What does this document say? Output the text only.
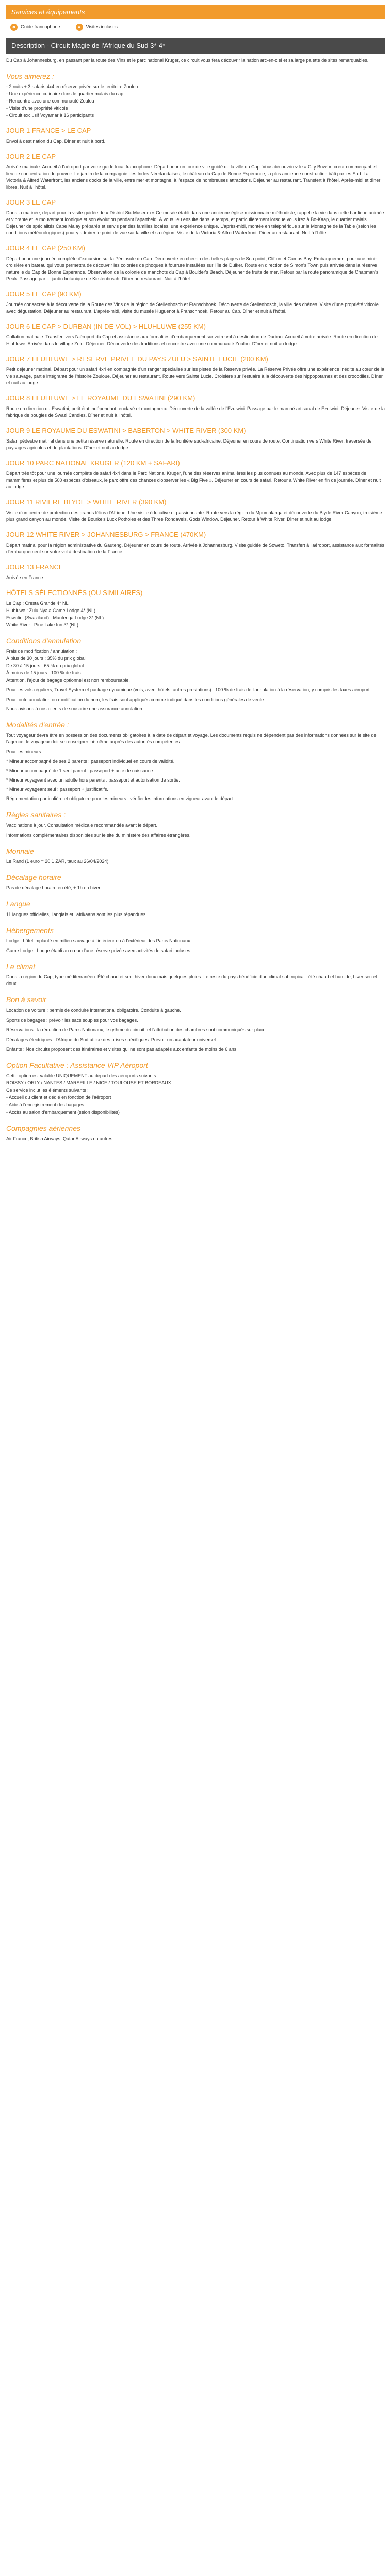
Services et équipements
☻ Guide francophone	●	Visites incluses
Description - Circuit Magie de l'Afrique du Sud 3*-4*

Du Cap à Johannesburg, en passant par la route des Vins et le parc national Kruger, ce circuit vous fera découvrir la nation arc-en-ciel et sa large palette de sites remarquables.

Vous aimerez :
- 2 nuits + 3 safaris 4x4 en réserve privée sur le territoire Zoulou
- Une expérience culinaire dans le quartier malais du cap
- Rencontre avec une communauté Zoulou
- Visite d'une propriété viticole
- Circuit exclusif Voyamar à 16 participants
JOUR 1 FRANCE > LE CAP

Envol à destination du Cap. Dîner et nuit à bord.

JOUR 2 LE CAP

Arrivée matinale. Accueil à l'aéroport par votre guide local francophone. Départ pour un tour de ville guidé de la ville du Cap. Vous découvrirez le « City Bowl », cœur commerçant et lieu de concentration du pouvoir. Le jardin de la compagnie des Indes Néerlandaises, le château du Cap de Bonne Espérance, la plus ancienne construction bâti par les Sud. La Victoria & Alfred Waterfront, les anciens docks de la ville, entre mer et montagne, à l'espace de nombreuses attractions. Déjeuner au restaurant. Transfert à l'hôtel. Après-midi et dîner libres. Nuit à l'hôtel.

JOUR 3 LE CAP

Dans la matinée, départ pour la visite guidée de « District Six Museum » Ce musée établi dans une ancienne église missionnaire méthodiste, rappelle la vie dans cette banlieue animée et vibrante et le mouvement iconique et son évolution pendant l'apartheid. À vous lieu ensuite dans le temps, et particulièrement lorsque vous irez à Bo-Kaap, le quartier malais. Déjeuner de spécialités Cape Malay préparés et servis par des familles locales, une expérience unique. L'après-midi, montée en téléphérique sur la Montagne de la Table (selon les conditions météorologiques) pour y admirer le point de vue sur la ville et sa région. Visite de la Victoria & Alfred Waterfront. Dîner au restaurant. Nuit à l'hôtel.

JOUR 4 LE CAP (250 KM)

Départ pour une journée complète d'excursion sur la Péninsule du Cap. Découverte en chemin des belles plages de Sea point, Clifton et Camps Bay. Embarquement pour une mini-croisière en bateau qui vous permettra de découvrir les colonies de phoques à fourrure installées sur l'île de Duiker. Route en direction de Simon's Town puis arrivée dans la réserve naturelle du Cap de Bonne Espérance. Observation de la colonie de manchots du Cap à Boulder's Beach. Déjeuner de fruits de mer. Retour par la route panoramique de Chapman's Peak. Passage par le jardin botanique de Kirstenbosch. Dîner au restaurant. Nuit à l'hôtel.

JOUR 5 LE CAP (90 KM)

Journée consacrée à la découverte de la Route des Vins de la région de Stellenbosch et Franschhoek. Découverte de Stellenbosch, la ville des chênes. Visite d'une propriété viticole avec dégustation. Déjeuner au restaurant. L'après-midi, visite du musée Huguenot à Franschhoek. Retour au Cap. Dîner et nuit à l'hôtel.

JOUR 6 LE CAP > DURBAN (IN DE VOL) > HLUHLUWE (255 KM)

Collation matinale. Transfert vers l'aéroport du Cap et assistance aux formalités d'embarquement sur votre vol à destination de Durban. Accueil à votre arrivée. Route en direction de Hluhluwe. Arrivée dans le village Zulu. Déjeuner. Découverte des traditions et rencontre avec une communauté Zoulou. Dîner et nuit au lodge.

JOUR 7 HLUHLUWE > RESERVE PRIVEE DU PAYS ZULU > SAINTE LUCIE (200 KM)

Petit déjeuner matinal. Départ pour un safari 4x4 en compagnie d'un ranger spécialisé sur les pistes de la Reserve privée. La Réserve Privée offre une expérience inédite au cœur de la vie sauvage, partie intégrante de l'histoire Zouloue. Déjeuner au restaurant. Route vers Sainte Lucie. Croisière sur l'estuaire à la découverte des hippopotames et des crocodiles. Dîner et nuit au lodge.

JOUR 8 HLUHLUWE > LE ROYAUME DU ESWATINI (290 KM)

Route en direction du Eswatini, petit état indépendant, enclavé et montagneux. Découverte de la vallée de l'Ezulwini. Passage par le marché artisanal de Ezulwini. Déjeuner. Visite de la fabrique de bougies de Swazi Candles. Dîner et nuit à l'hôtel.

JOUR 9 LE ROYAUME DU ESWATINI > BABERTON > WHITE RIVER (300 KM)

Safari pédestre matinal dans une petite réserve naturelle. Route en direction de la frontière sud-africaine. Déjeuner en cours de route. Continuation vers White River, traversée de paysages agricoles et de plantations. Dîner et nuit au lodge.

JOUR 10 PARC NATIONAL KRUGER (120 KM + SAFARI)

Départ très tôt pour une journée complète de safari 4x4 dans le Parc National Kruger, l'une des réserves animalières les plus connues au monde. Avec plus de 147 espèces de mammifères et plus de 500 espèces d'oiseaux, le parc offre des chances d'observer les « Big Five ». Déjeuner en cours de safari. Retour à White River en fin de journée. Dîner et nuit au lodge.

JOUR 11 RIVIERE BLYDE > WHITE RIVER (390 KM)

Visite d'un centre de protection des grands félins d'Afrique. Une visite éducative et passionnante. Route vers la région du Mpumalanga et découverte du Blyde River Canyon, troisième plus grand canyon au monde. Visite de Bourke's Luck Potholes et des Three Rondavels, Gods Window. Déjeuner. Retour à White River. Dîner et nuit au lodge.

JOUR 12 WHITE RIVER > JOHANNESBURG > FRANCE (470KM)

Départ matinal pour la région administrative du Gauteng. Déjeuner en cours de route. Arrivée à Johannesburg. Visite guidée de Soweto. Transfert à l'aéroport, assistance aux formalités d'embarquement sur votre vol à destination de la France.

JOUR 13 FRANCE

Arrivée en France

HÔTELS SÉLECTIONNÉS (OU SIMILAIRES)
Le Cap : Cresta Grande 4* NL
Hluhluwe : Zulu Nyala Game Lodge 4* (NL)
Eswatini (Swaziland) : Mantenga Lodge 3* (NL)
White River : Pine Lake Inn 3* (NL)
Conditions d'annulation
Frais de modification / annulation :
À plus de 30 jours : 35% du prix global
De 30 à 15 jours : 65 % du prix global
À moins de 15 jours : 100 % de frais
Attention, l'ajout de bagage optionnel est non remboursable.

Pour les vols réguliers, Travel System et package dynamique (vols, avec, hôtels, autres prestations) : 100 % de frais de l'annulation à la réservation, y compris les taxes aéroport.

Pour toute annulation ou modification du nom, les frais sont appliqués comme indiqué dans les conditions générales de vente.

Nous avisons à nos clients de souscrire une assurance annulation.

Modalités d'entrée :

Tout voyageur devra être en possession des documents obligatoires à la date de départ et voyage. Les documents requis ne dépendent pas des informations données sur le site de l'agence, le voyageur doit se renseigner lui-même auprès des autorités compétentes.

Pour les mineurs :

* Mineur accompagné de ses 2 parents : passeport individuel en cours de validité.

* Mineur accompagné de 1 seul parent : passeport + acte de naissance.

* Mineur voyageant avec un adulte hors parents : passeport et autorisation de sortie.

* Mineur voyageant seul : passeport + justificatifs.

Réglementation particulière et obligatoire pour les mineurs : vérifier les informations en vigueur avant le départ.

Règles sanitaires :

Vaccinations à jour. Consultation médicale recommandée avant le départ.

Informations complémentaires disponibles sur le site du ministère des affaires étrangères.

Monnaie

Le Rand (1 euro = 20,1 ZAR, taux au 26/04/2024)

Décalage horaire

Pas de décalage horaire en été, + 1h en hiver.

Langue

11 langues officielles, l'anglais et l'afrikaans sont les plus répandues.

Hébergements

Lodge : hôtel implanté en milieu sauvage à l'intérieur ou à l'extérieur des Parcs Nationaux.

Game Lodge : Lodge établi au cœur d'une réserve privée avec activités de safari incluses.

Le climat

Dans la région du Cap, type méditerranéen. Été chaud et sec, hiver doux mais quelques pluies. Le reste du pays bénéficie d'un climat subtropical : été chaud et humide, hiver sec et doux.

Bon à savoir

Location de voiture : permis de conduire international obligatoire. Conduite à gauche.

Sports de bagages : prévoir les sacs souples pour vos bagages.

Réservations : la réduction de Parcs Nationaux, le rythme du circuit, et l'attribution des chambres sont communiqués sur place.

Décalages électriques : l'Afrique du Sud utilise des prises spécifiques. Prévoir un adaptateur universel.

Enfants : Nos circuits proposent des itinéraires et visites qui ne sont pas adaptés aux enfants de moins de 6 ans.

Option Facultative : Assistance VIP Aéroport
Cette option est valable UNIQUEMENT au départ des aéroports suivants :
ROISSY / ORLY / NANTES / MARSEILLE / NICE / TOULOUSE ET BORDEAUX
Ce service inclut les éléments suivants :
- Accueil du client et dédié en fonction de l'aéroport
- Aide à l'enregistrement des bagages
- Accès au salon d'embarquement (selon disponibilités)
Compagnies aériennes

Air France, British Airways, Qatar Airways ou autres...
